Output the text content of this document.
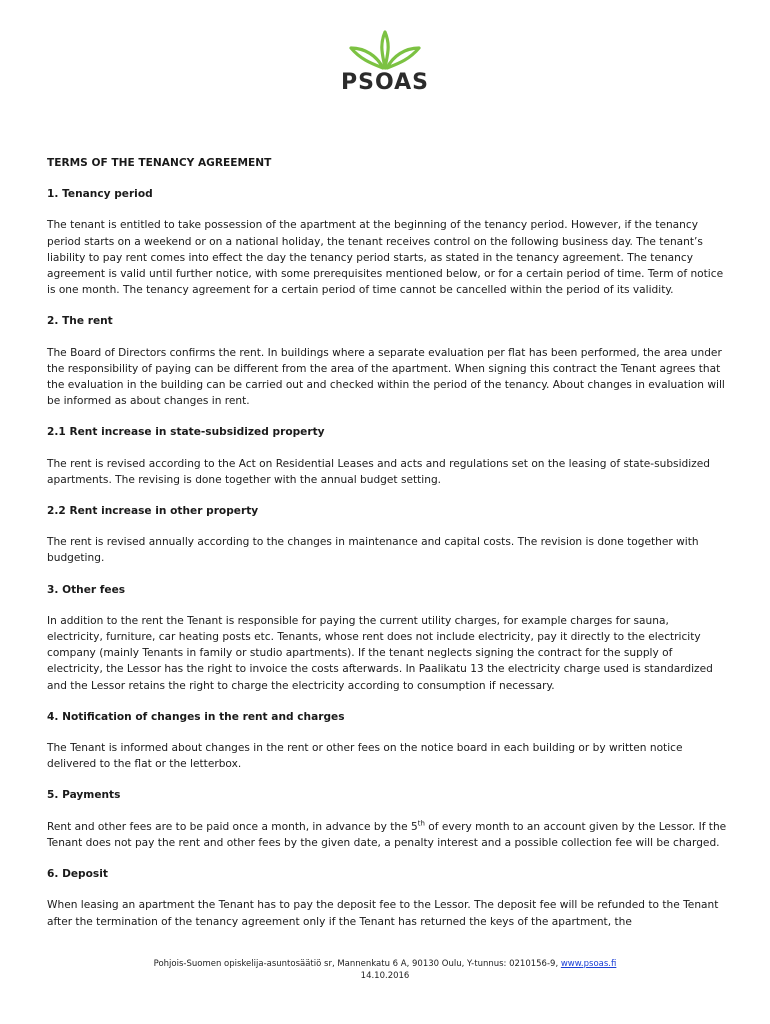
PSOAS
TERMS OF THE TENANCY AGREEMENT
1. Tenancy period
The tenant is entitled to take possession of the apartment at the beginning of the tenancy period. However, if the tenancy period starts on a weekend or on a national holiday, the tenant receives control on the following business day. The tenant’s liability to pay rent comes into effect the day the tenancy period starts, as stated in the tenancy agreement. The tenancy agreement is valid until further notice, with some prerequisites mentioned below, or for a certain period of time. Term of notice is one month. The tenancy agreement for a certain period of time cannot be cancelled within the period of its validity.
2. The rent
The Board of Directors confirms the rent. In buildings where a separate evaluation per flat has been performed, the area under the responsibility of paying can be different from the area of the apartment. When signing this contract the Tenant agrees that the evaluation in the building can be carried out and checked within the period of the tenancy. About changes in evaluation will be informed as about changes in rent.
2.1 Rent increase in state-subsidized property
The rent is revised according to the Act on Residential Leases and acts and regulations set on the leasing of state-subsidized apartments. The revising is done together with the annual budget setting.
2.2 Rent increase in other property
The rent is revised annually according to the changes in maintenance and capital costs. The revision is done together with budgeting.
3. Other fees
In addition to the rent the Tenant is responsible for paying the current utility charges, for example charges for sauna, electricity, furniture, car heating posts etc. Tenants, whose rent does not include electricity, pay it directly to the electricity company (mainly Tenants in family or studio apartments). If the tenant neglects signing the contract for the supply of electricity, the Lessor has the right to invoice the costs afterwards. In Paalikatu 13 the electricity charge used is standardized and the Lessor retains the right to charge the electricity according to consumption if necessary.
4. Notification of changes in the rent and charges
The Tenant is informed about changes in the rent or other fees on the notice board in each building or by written notice delivered to the flat or the letterbox.
5. Payments
Rent and other fees are to be paid once a month, in advance by the 5th of every month to an account given by the Lessor. If the Tenant does not pay the rent and other fees by the given date, a penalty interest and a possible collection fee will be charged.
6. Deposit
When leasing an apartment the Tenant has to pay the deposit fee to the Lessor. The deposit fee will be refunded to the Tenant after the termination of the tenancy agreement only if the Tenant has returned the keys of the apartment, the
Pohjois-Suomen opiskelija-asuntosäätiö sr, Mannenkatu 6 A, 90130 Oulu, Y-tunnus: 0210156-9, www.psoas.fi
14.10.2016
